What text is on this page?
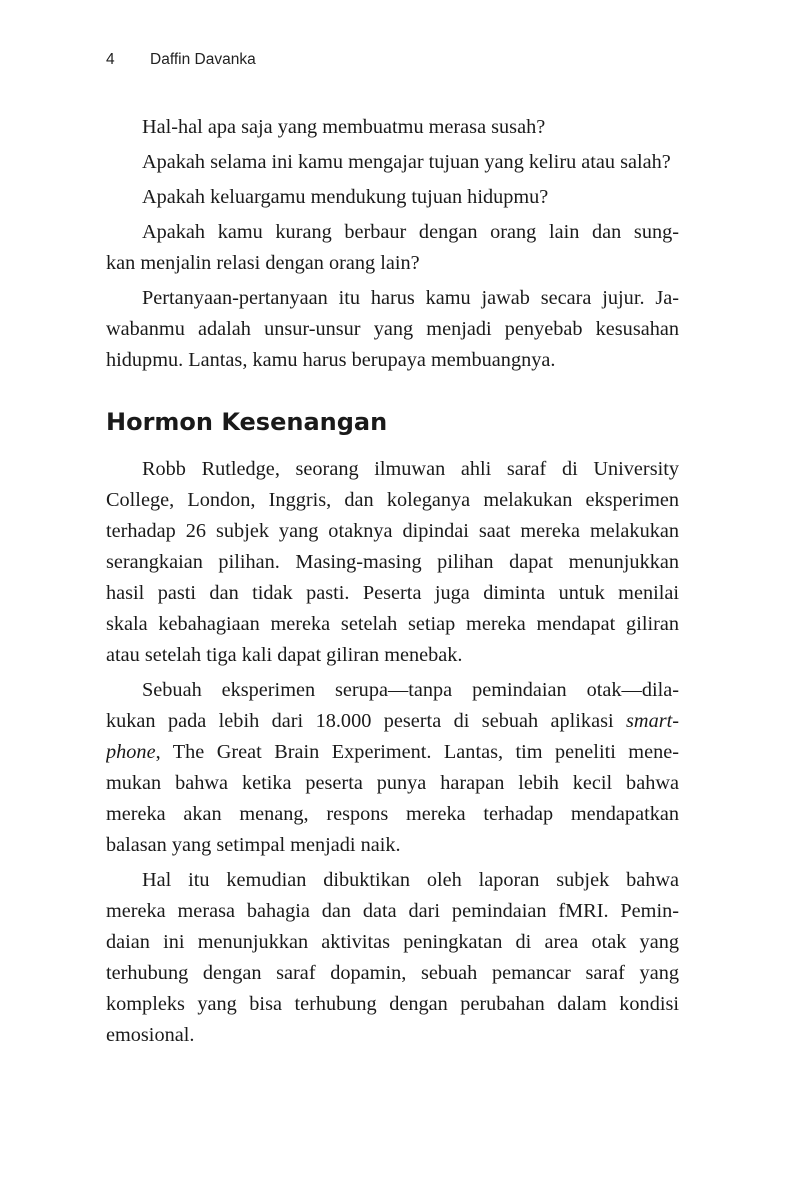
4 Daffin Davanka
Hal-hal apa saja yang membuatmu merasa susah?
Apakah selama ini kamu mengajar tujuan yang keliru atau salah?
Apakah keluargamu mendukung tujuan hidupmu?
Apakah kamu kurang berbaur dengan orang lain dan sung-
kan menjalin relasi dengan orang lain?
Pertanyaan-pertanyaan itu harus kamu jawab secara jujur. Ja-
wabanmu adalah unsur-unsur yang menjadi penyebab kesusahan
hidupmu. Lantas, kamu harus berupaya membuangnya.
Hormon Kesenangan
Robb Rutledge, seorang ilmuwan ahli saraf di University
College, London, Inggris, dan koleganya melakukan eksperimen
terhadap 26 subjek yang otaknya dipindai saat mereka melakukan
serangkaian pilihan. Masing-masing pilihan dapat menunjukkan
hasil pasti dan tidak pasti. Peserta juga diminta untuk menilai
skala kebahagiaan mereka setelah setiap mereka mendapat giliran
atau setelah tiga kali dapat giliran menebak.
Sebuah eksperimen serupa—tanpa pemindaian otak—dila-
kukan pada lebih dari 18.000 peserta di sebuah aplikasi smart-
phone, The Great Brain Experiment. Lantas, tim peneliti mene-
mukan bahwa ketika peserta punya harapan lebih kecil bahwa
mereka akan menang, respons mereka terhadap mendapatkan
balasan yang setimpal menjadi naik.
Hal itu kemudian dibuktikan oleh laporan subjek bahwa
mereka merasa bahagia dan data dari pemindaian fMRI. Pemin-
daian ini menunjukkan aktivitas peningkatan di area otak yang
terhubung dengan saraf dopamin, sebuah pemancar saraf yang
kompleks yang bisa terhubung dengan perubahan dalam kondisi
emosional.
